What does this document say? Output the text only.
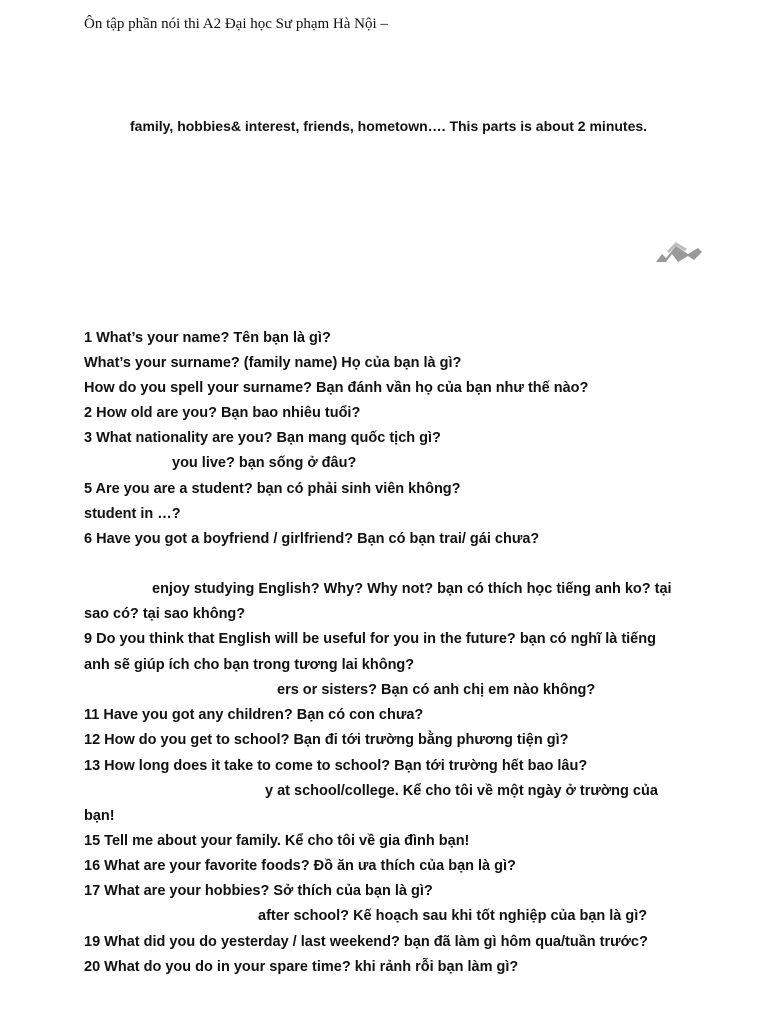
Ôn tập phần nói thi A2 Đại học Sư phạm Hà Nội –
family, hobbies& interest, friends, hometown…. This parts is about 2 minutes.
1 What’s your name? Tên bạn là gì?
What’s your surname? (family name) Họ của bạn là gì?
How do you spell your surname? Bạn đánh vần họ của bạn như thế nào?
2 How old are you? Bạn bao nhiêu tuổi?
3 What nationality are you? Bạn mang quốc tịch gì?
you live? bạn sống ở đâu?
5 Are you are a student? bạn có phải sinh viên không?
student in …?
6 Have you got a boyfriend / girlfriend? Bạn có bạn trai/ gái chưa?
enjoy studying English? Why? Why not? bạn có thích học tiếng anh ko? tại
sao có? tại sao không?
9 Do you think that English will be useful for you in the future? bạn có nghĩ là tiếng
anh sẽ giúp ích cho bạn trong tương lai không?
ers or sisters? Bạn có anh chị em nào không?
11 Have you got any children? Bạn có con chưa?
12 How do you get to school? Bạn đi tới trường bằng phương tiện gì?
13 How long does it take to come to school? Bạn tới trường hết bao lâu?
y at school/college. Kể cho tôi về một ngày ở trường của
bạn!
15 Tell me about your family. Kể cho tôi về gia đình bạn!
16 What are your favorite foods? Đồ ăn ưa thích của bạn là gì?
17 What are your hobbies? Sở thích của bạn là gì?
after school? Kế hoạch sau khi tốt nghiệp của bạn là gì?
19 What did you do yesterday / last weekend? bạn đã làm gì hôm qua/tuần trước?
20 What do you do in your spare time? khi rảnh rỗi bạn làm gì?
